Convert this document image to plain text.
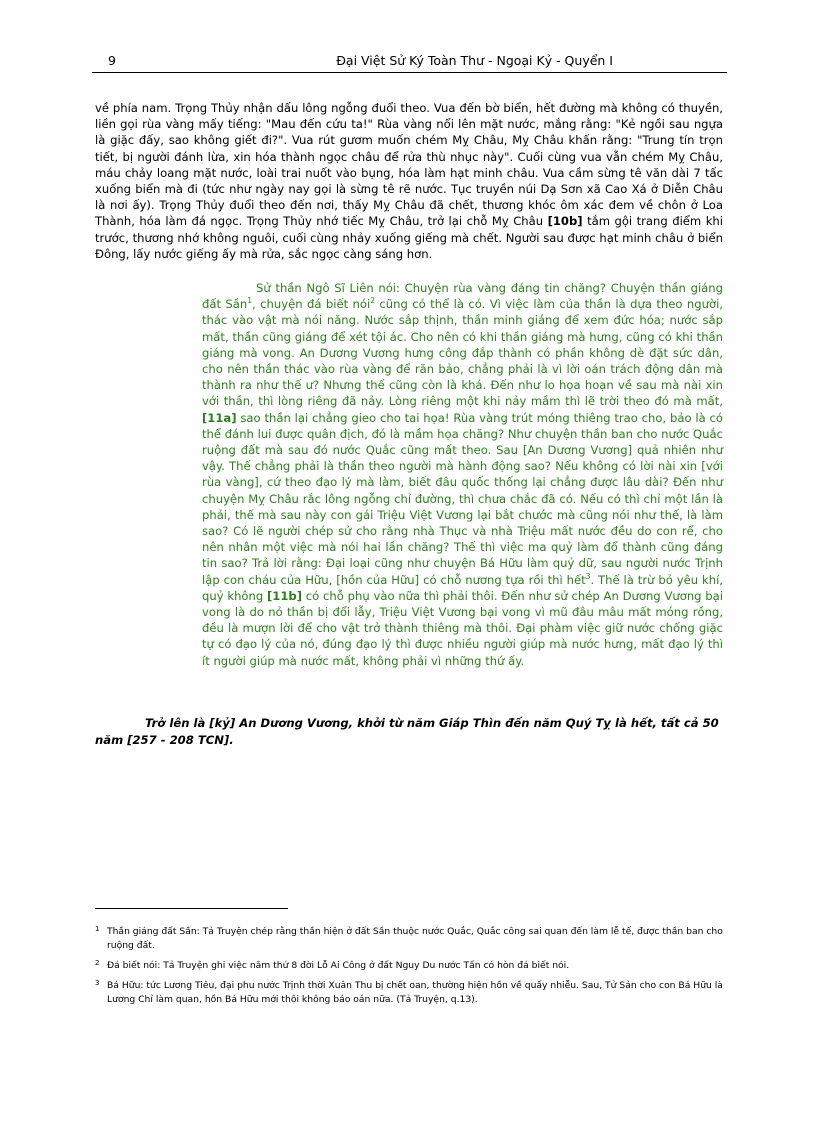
9	Đại Việt Sử Ký Toàn Thư - Ngoại Kỷ - Quyển I
về phía nam. Trọng Thủy nhận dấu lông ngỗng đuổi theo. Vua đến bờ biển, hết đường mà không có thuyền, liền gọi rùa vàng mấy tiếng: "Mau đến cứu ta!" Rùa vàng nổi lên mặt nước, mắng rằng: "Kẻ ngồi sau ngựa là giặc đấy, sao không giết đi?". Vua rút gươm muốn chém Mỵ Châu, Mỵ Châu khấn rằng: "Trung tín trọn tiết, bị người đánh lừa, xin hóa thành ngọc châu để rửa thù nhục này". Cuối cùng vua vẫn chém Mỵ Châu, máu chảy loang mặt nước, loài trai nuốt vào bụng, hóa làm hạt minh châu. Vua cầm sừng tê văn dài 7 tấc xuống biển mà đi (tức như ngày nay gọi là sừng tê rẽ nước. Tục truyền núi Dạ Sơn xã Cao Xá ở Diễn Châu là nơi ấy). Trọng Thủy đuổi theo đến nơi, thấy Mỵ Châu đã chết, thương khóc ôm xác đem về chôn ở Loa Thành, hóa làm đá ngọc. Trọng Thủy nhớ tiếc Mỵ Châu, trở lại chỗ Mỵ Châu [10b] tắm gội trang điểm khi trước, thương nhớ không nguôi, cuối cùng nhảy xuống giếng mà chết. Người sau được hạt minh châu ở biển Đông, lấy nước giếng ấy mà rửa, sắc ngọc càng sáng hơn.
Sử thần Ngô Sĩ Liên nói: Chuyện rùa vàng đáng tin chăng? Chuyện thần giáng đất Sần$^1$, chuyện đá biết nói$^2$ cũng có thể là có. Vì việc làm của thần là dựa theo người, thác vào vật mà nói năng. Nước sắp thịnh, thần minh giáng để xem đức hóa; nước sắp mất, thần cũng giáng để xét tội ác. Cho nên có khi thần giáng mà hưng, cũng có khi thần giáng mà vong. An Dương Vương hưng công đắp thành có phần không dè đặt sức dân, cho nên thần thác vào rùa vàng để răn bảo, chẳng phải là vì lời oán trách động dân mà thành ra như thế ư? Nhưng thế cũng còn là khá. Đến như lo họa hoạn về sau mà nài xin với thần, thì lòng riêng đã nảy. Lòng riêng một khi nảy mầm thì lẽ trời theo đó mà mất, [11a] sao thần lại chẳng gieo cho tai họa! Rùa vàng trút móng thiêng trao cho, bảo là có thể đánh lui được quân địch, đó là mầm họa chăng? Như chuyện thần ban cho nước Quắc ruộng đất mà sau đó nước Quắc cũng mất theo. Sau [An Dương Vương] quả nhiên như vậy. Thế chẳng phải là thần theo người mà hành động sao? Nếu không có lời nài xin [với rùa vàng], cứ theo đạo lý mà làm, biết đâu quốc thống lại chẳng được lâu dài? Đến như chuyện Mỵ Châu rắc lông ngỗng chỉ đường, thì chưa chắc đã có. Nếu có thì chỉ một lần là phải, thế mà sau này con gái Triệu Việt Vương lại bắt chước mà cũng nói như thế, là làm sao? Có lẽ người chép sử cho rằng nhà Thục và nhà Triệu mất nước đều do con rể, cho nên nhân một việc mà nói hai lần chăng? Thế thì việc ma quỷ làm đổ thành cũng đáng tin sao? Trả lời rằng: Đại loại cũng như chuyện Bá Hữu làm quỷ dữ, sau người nước Trịnh lập con cháu của Hữu, [hồn của Hữu] có chỗ nương tựa rồi thì hết$^3$. Thế là trừ bỏ yêu khí, quỷ không [11b] có chỗ phụ vào nữa thì phải thôi. Đến như sử chép An Dương Vương bại vong là do nỏ thần bị đổi lẫy, Triệu Việt Vương bại vong vì mũ đâu mâu mất móng rồng, đều là mượn lời để cho vật trở thành thiêng mà thôi. Đại phàm việc giữ nước chống giặc tự có đạo lý của nó, đúng đạo lý thì được nhiều người giúp mà nước hưng, mất đạo lý thì ít người giúp mà nước mất, không phải vì những thứ ấy.
Trở lên là [kỷ] An Dương Vương, khởi từ năm Giáp Thìn đến năm Quý Tỵ là hết, tất cả 50 năm [257 - 208 TCN].
1 Thần giáng đất Sần: Tả Truyện chép rằng thần hiện ở đất Sần thuộc nước Quắc, Quắc công sai quan đến làm lễ tế, được thần ban cho ruộng đất.
2 Đá biết nói: Tả Truyện ghi việc năm thứ 8 đời Lỗ Ai Công ở đất Nguy Du nước Tấn có hòn đá biết nói.
3 Bá Hữu: tức Lương Tiêu, đại phu nước Trịnh thời Xuân Thu bị chết oan, thường hiện hồn về quấy nhiễu. Sau, Tử Sản cho con Bá Hữu là Lương Chỉ làm quan, hồn Bá Hữu mới thôi không báo oán nữa. (Tả Truyện, q.13).
